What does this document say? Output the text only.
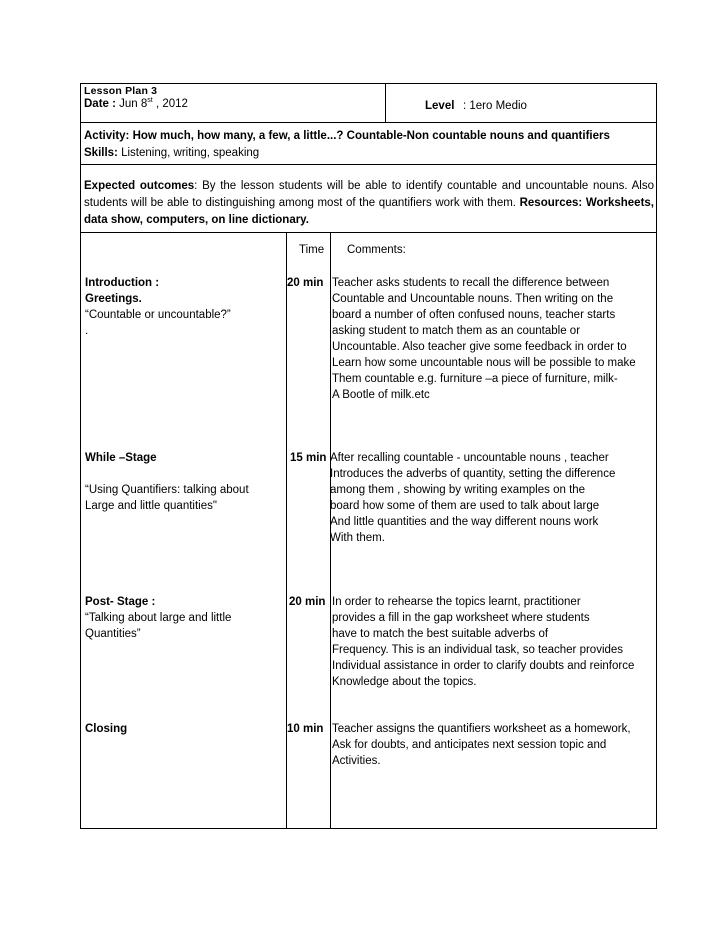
Lesson Plan 3
Date : Jun 8st , 2012	Level : 1ero Medio
Activity: How much, how many, a few, a little...? Countable-Non countable nouns and quantifiers
Skills: Listening, writing, speaking
Expected outcomes: By the lesson students will be able to identify countable and uncountable nouns. Also students will be able to distinguishing among most of the quantifiers work with them. Resources: Worksheets, data show, computers, on line dictionary.
Time Comments:
Introduction :
Greetings.
“Countable or uncountable?”
.
20 min Teacher asks students to recall the difference between
Countable and Uncountable nouns. Then writing on the
board a number of often confused nouns, teacher starts
asking student to match them as an countable or
Uncountable. Also teacher give some feedback in order to
Learn how some uncountable nous will be possible to make
Them countable e.g. furniture –a piece of furniture, milk-
A Bootle of milk.etc
While –Stage
“Using Quantifiers: talking about
Large and little quantities"
15 min After recalling countable - uncountable nouns , teacher
Introduces the adverbs of quantity, setting the difference
among them , showing by writing examples on the
board how some of them are used to talk about large
And little quantities and the way different nouns work
With them.
Post- Stage :
“Talking about large and little
Quantities”
20 min In order to rehearse the topics learnt, practitioner
provides a fill in the gap worksheet where students
have to match the best suitable adverbs of
Frequency. This is an individual task, so teacher provides
Individual assistance in order to clarify doubts and reinforce
Knowledge about the topics.
Closing	10 min Teacher assigns the quantifiers worksheet as a homework,
Ask for doubts, and anticipates next session topic and
Activities.
